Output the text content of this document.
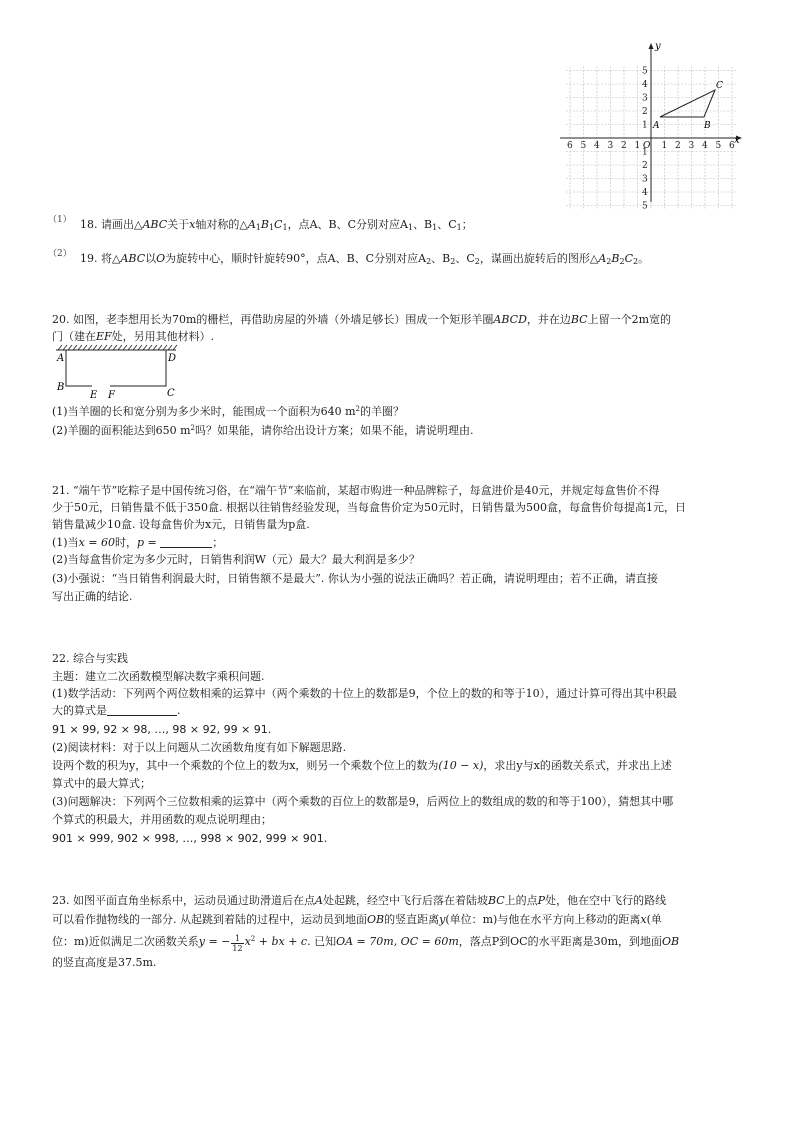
6 5 4 3 2 1 1 2 3 4 5 6
5
4
3
2
1
1
2
3
4
5
x
y
O
A	B
C
（1） 18. 请画出△ABC关于x轴对称的$\triangle A_1B_1C_1$，点A、B、C分别对应$A_1$、$B_1$、$C_1$；
（2） 19. 将△ABC以O为旋转中心，顺时针旋转90°，点A、B、C分别对应$A_2$、$B_2$、$C_2$，谋画出旋转后的图形$\triangle A_2B_2C_2$。
20. 如图，老李想用长为70m的栅栏，再借助房屋的外墙（外墙足够长）围成一个矩形羊圈ABCD，并在边BC上留一个2m宽的
门（建在EF处，另用其他材料）.
A	D
B
C
E F
(1)当羊圈的长和宽分别为多少米时，能围成一个面积为640 $m^2$的羊圈？
(2)羊圈的面积能达到650 $m^2$吗？如果能，请你给出设计方案；如果不能，请说明理由.
21. “端午节”吃粽子是中国传统习俗，在“端午节”来临前，某超市购进一种品牌粽子，每盒进价是40元，并规定每盒售价不得
少于50元，日销售量不低于350盒. 根据以往销售经验发现，当每盒售价定为50元时，日销售量为500盒，每盒售价每提高1元，日
销售量减少10盒. 设每盒售价为x元，日销售量为p盒.
(1)当x = 60时，p =	；
(2)当每盒售价定为多少元时，日销售利润W（元）最大？最大利润是多少？
(3)小强说：“当日销售利润最大时，日销售额不是最大”. 你认为小强的说法正确吗？若正确，请说明理由；若不正确，请直接
写出正确的结论.
22. 综合与实践
主题：建立二次函数模型解决数字乘积问题.
(1)数学活动：下列两个两位数相乘的运算中（两个乘数的十位上的数都是9，个位上的数的和等于10），通过计算可得出其中积最
大的算式是	.
91 × 99, 92 × 98, …, 98 × 92, 99 × 91.
(2)阅读材料：对于以上问题从二次函数角度有如下解题思路.
设两个数的积为y，其中一个乘数的个位上的数为x，则另一个乘数个位上的数为(10 − x)，求出y与x的函数关系式，并求出上述
算式中的最大算式；
(3)问题解决：下列两个三位数相乘的运算中（两个乘数的百位上的数都是9，后两位上的数组成的数的和等于100），猜想其中哪
个算式的积最大，并用函数的观点说明理由；
901 × 999, 902 × 998, …, 998 × 902, 999 × 901.
23. 如图平面直角坐标系中，运动员通过助滑道后在点A处起跳，经空中飞行后落在着陆坡BC上的点P处，他在空中飞行的路线
可以看作抛物线的一部分. 从起跳到着陆的过程中，运动员到地面OB的竖直距离y(单位：m)与他在水平方向上移动的距离x(单
位：m)近似满足二次函数关系y = − $\frac{1}{12} x^2$ + bx + c. 已知OA = 70m, OC = 60m，落点P到OC的水平距离是30m，到地面OB
的竖直高度是37.5m.
